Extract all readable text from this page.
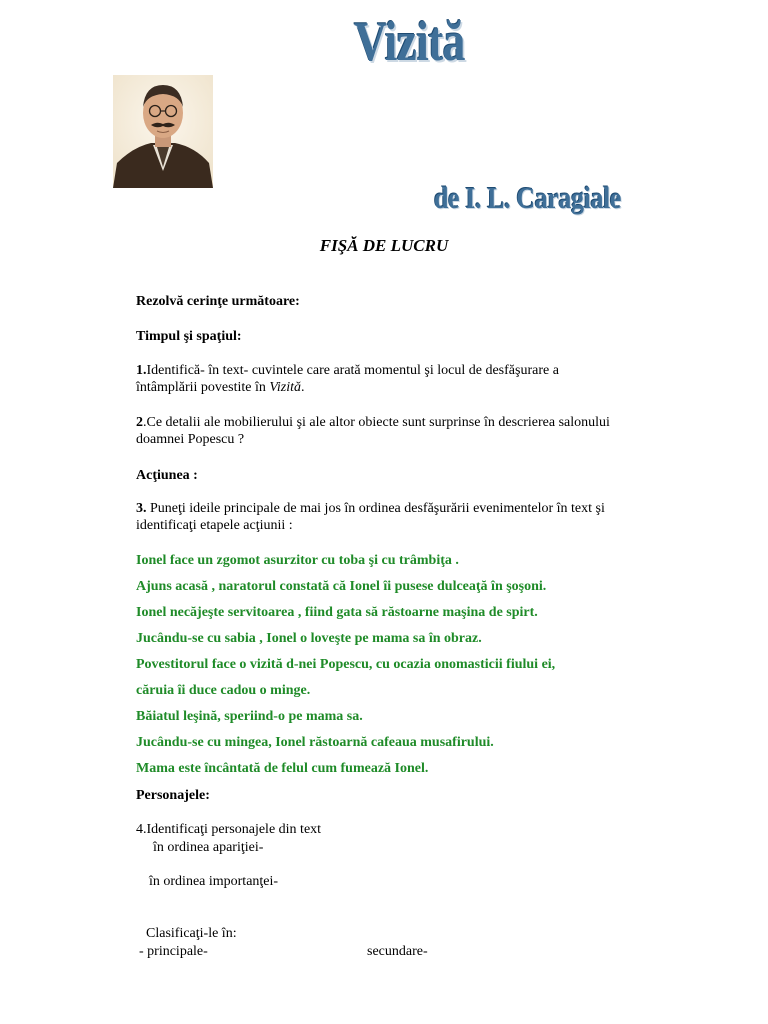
Vizită
de I. L. Caragiale
FIŞĂ DE LUCRU
Rezolvă cerinţe următoare:
Timpul şi spaţiul:
1.Identifică- în text- cuvintele care arată momentul şi locul de desfăşurare a
întâmplării povestite în Vizită.
2.Ce detalii ale mobilierului şi ale altor obiecte sunt surprinse în descrierea salonului
doamnei Popescu ?
Acţiunea :
3. Puneţi ideile principale de mai jos în ordinea desfăşurării evenimentelor în text şi
identificaţi etapele acţiunii :
Ionel face un zgomot asurzitor cu toba şi cu trâmbiţa .
Ajuns acasă , naratorul constată că Ionel îi pusese dulceaţă în şoşoni.
Ionel necăjeşte servitoarea , fiind gata să răstoarne maşina de spirt.
Jucându-se cu sabia , Ionel o loveşte pe mama sa în obraz.
Povestitorul face o vizită d-nei Popescu, cu ocazia onomasticii fiului ei,
căruia îi duce cadou o minge.
Băiatul leşină, speriind-o pe mama sa.
Jucându-se cu mingea, Ionel răstoarnă cafeaua musafirului.
Mama este încântată de felul cum fumează Ionel.
Personajele:
4.Identificaţi personajele din text
în ordinea apariţiei-
în ordinea importanţei-
Clasificaţi-le în:
- principale-	secundare-
